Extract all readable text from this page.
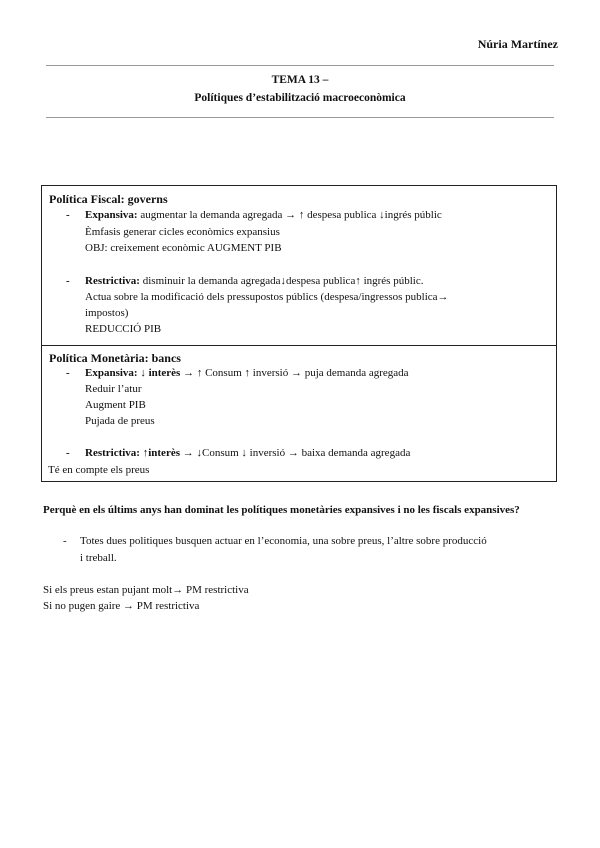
Núria Martínez
TEMA 13 –
Polítiques d’estabilització macroeconòmica
Política Fiscal: governs
- Expansiva: augmentar la demanda agregada → ↑ despesa publica ↓ingrés públic
Èmfasis generar cicles econòmics expansius
OBJ: creixement econòmic AUGMENT PIB
- Restrictiva: disminuir la demanda agregada↓despesa publica↑ ingrés públic.
Actua sobre la modificació dels pressupostos públics (despesa/ingressos publica→
impostos)
REDUCCIÓ PIB
Política Monetària: bancs
- Expansiva: ↓ interès → ↑ Consum ↑ inversió → puja demanda agregada
Reduir l’atur
Augment PIB
Pujada de preus
- Restrictiva: ↑interès → ↓Consum ↓ inversió → baixa demanda agregada
Té en compte els preus
Perquè en els últims anys han dominat les polítiques monetàries expansives i no les fiscals expansives?
- Totes dues politiques busquen actuar en l’economia, una sobre preus, l’altre sobre producció
i treball.
Si els preus estan pujant molt→ PM restrictiva
Si no pugen gaire → PM restrictiva
